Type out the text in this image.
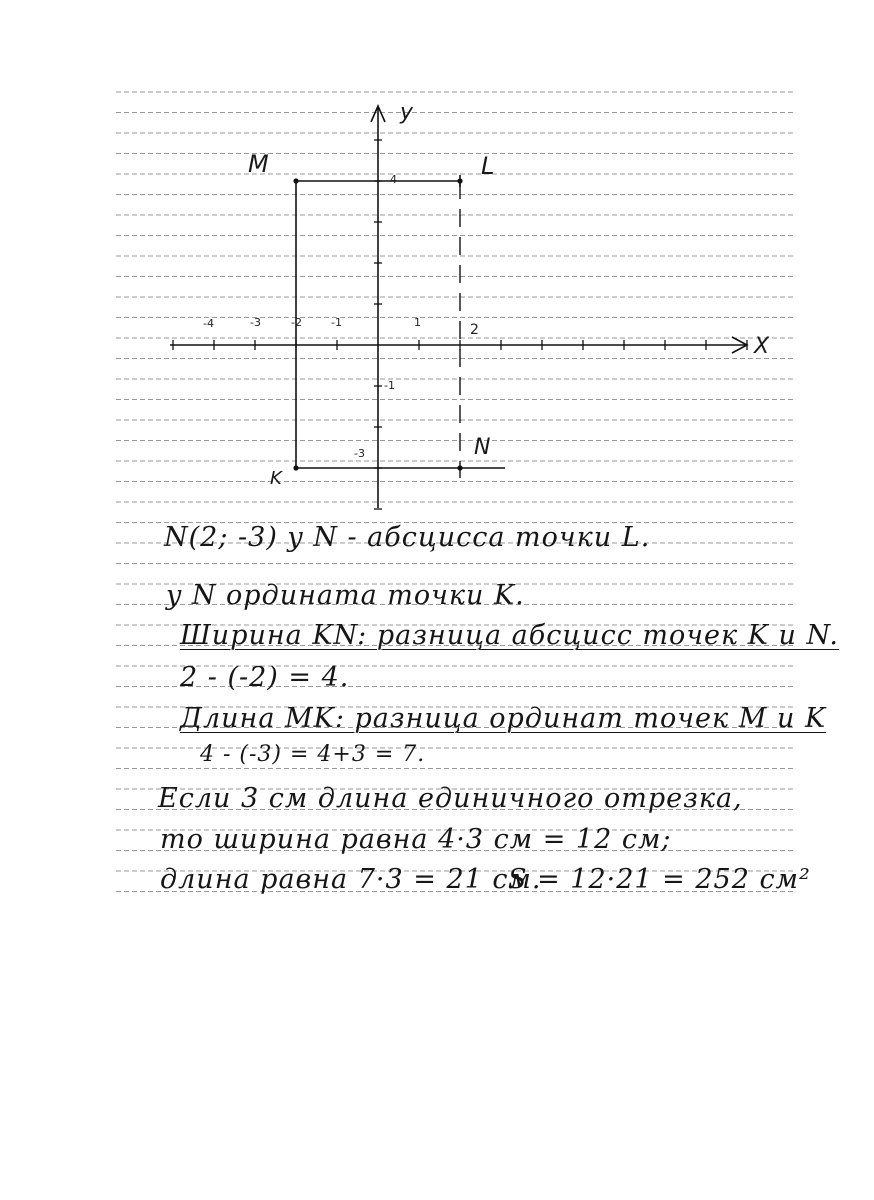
X
y
M	L
N
K
-4	-3	-2	-1	1	2
4
-1
-3
N(2; -3) y N - абсцисса точки L.
y N ордината точки K.
Ширина KN: разница абсцисс точек K и N.
2 - (-2) = 4.
Длина MK: разница ординат точек M и K
4 - (-3) = 4+3 = 7.
Если 3 см длина единичного отрезка,
то ширина равна 4·3 см = 12 см;
длина равна 7·3 = 21 см.
S = 12·21 = 252 см²
